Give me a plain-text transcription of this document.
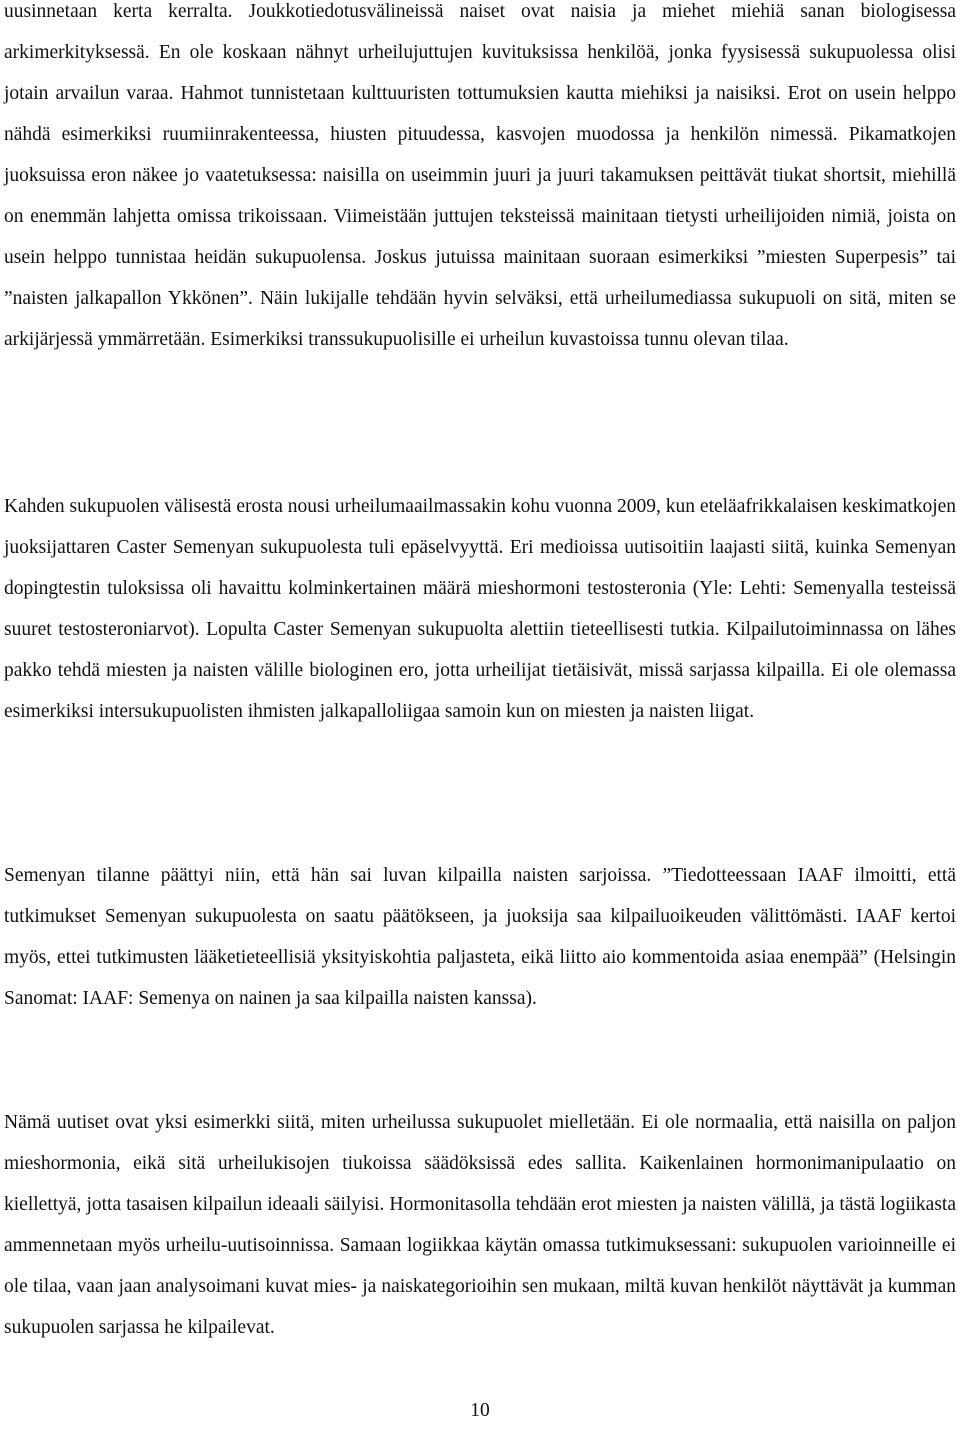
uusinnetaan kerta kerralta. Joukkotiedotusvälineissä naiset ovat naisia ja miehet miehiä sanan biologisessa arkimerkityksessä. En ole koskaan nähnyt urheilujuttujen kuvituksissa henkilöä, jonka fyysisessä sukupuolessa olisi jotain arvailun varaa. Hahmot tunnistetaan kulttuuristen tottumuksien kautta miehiksi ja naisiksi. Erot on usein helppo nähdä esimerkiksi ruumiinrakenteessa, hiusten pituudessa, kasvojen muodossa ja henkilön nimessä. Pikamatkojen juoksuissa eron näkee jo vaatetuksessa: naisilla on useimmin juuri ja juuri takamuksen peittävät tiukat shortsit, miehillä on enemmän lahjetta omissa trikoissaan. Viimeistään juttujen teksteissä mainitaan tietysti urheilijoiden nimiä, joista on usein helppo tunnistaa heidän sukupuolensa. Joskus jutuissa mainitaan suoraan esimerkiksi ”miesten Superpesis” tai ”naisten jalkapallon Ykkönen”. Näin lukijalle tehdään hyvin selväksi, että urheilumediassa sukupuoli on sitä, miten se arkijärjessä ymmärretään. Esimerkiksi transsukupuolisille ei urheilun kuvastoissa tunnu olevan tilaa.

Kahden sukupuolen välisestä erosta nousi urheilumaailmassakin kohu vuonna 2009, kun eteläafrikkalaisen keskimatkojen juoksijattaren Caster Semenyan sukupuolesta tuli epäselvyyttä. Eri medioissa uutisoitiin laajasti siitä, kuinka Semenyan dopingtestin tuloksissa oli havaittu kolminkertainen määrä mieshormoni testosteronia (Yle: Lehti: Semenyalla testeissä suuret testosteroniarvot). Lopulta Caster Semenyan sukupuolta alettiin tieteellisesti tutkia. Kilpailutoiminnassa on lähes pakko tehdä miesten ja naisten välille biologinen ero, jotta urheilijat tietäisivät, missä sarjassa kilpailla. Ei ole olemassa esimerkiksi intersukupuolisten ihmisten jalkapalloliigaa samoin kun on miesten ja naisten liigat.

Semenyan tilanne päättyi niin, että hän sai luvan kilpailla naisten sarjoissa. ”Tiedotteessaan IAAF ilmoitti, että tutkimukset Semenyan sukupuolesta on saatu päätökseen, ja juoksija saa kilpailuoikeuden välittömästi. IAAF kertoi myös, ettei tutkimusten lääketieteellisiä yksityiskohtia paljasteta, eikä liitto aio kommentoida asiaa enempää” (Helsingin Sanomat: IAAF: Semenya on nainen ja saa kilpailla naisten kanssa).

Nämä uutiset ovat yksi esimerkki siitä, miten urheilussa sukupuolet mielletään. Ei ole normaalia, että naisilla on paljon mieshormonia, eikä sitä urheilukisojen tiukoissa säädöksissä edes sallita. Kaikenlainen hormonimanipulaatio on kiellettyä, jotta tasaisen kilpailun ideaali säilyisi. Hormonitasolla tehdään erot miesten ja naisten välillä, ja tästä logiikasta ammennetaan myös urheilu-uutisoinnissa. Samaan logiikkaa käytän omassa tutkimuksessani: sukupuolen varioinneille ei ole tilaa, vaan jaan analysoimani kuvat mies- ja naiskategorioihin sen mukaan, miltä kuvan henkilöt näyttävät ja kumman sukupuolen sarjassa he kilpailevat.

10
